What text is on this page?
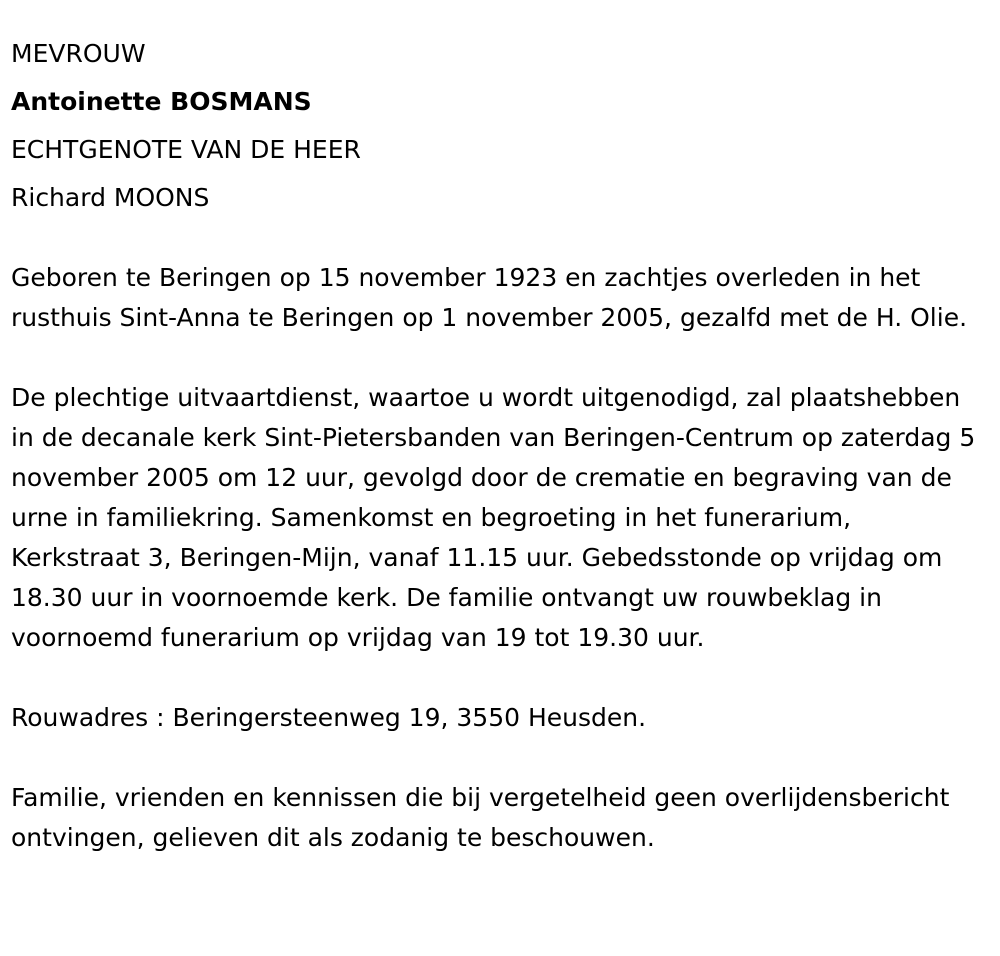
MEVROUW
Antoinette BOSMANS
ECHTGENOTE VAN DE HEER
Richard MOONS

Geboren te Beringen op 15 november 1923 en zachtjes overleden in het rusthuis Sint-Anna te Beringen op 1 november 2005, gezalfd met de H. Olie.

De plechtige uitvaartdienst, waartoe u wordt uitgenodigd, zal plaatshebben in de decanale kerk Sint-Pietersbanden van Beringen-Centrum op zaterdag 5 november 2005 om 12 uur, gevolgd door de crematie en begraving van de urne in familiekring. Samenkomst en begroeting in het funerarium, Kerkstraat 3, Beringen-Mijn, vanaf 11.15 uur. Gebedsstonde op vrijdag om 18.30 uur in voornoemde kerk. De familie ontvangt uw rouwbeklag in voornoemd funerarium op vrijdag van 19 tot 19.30 uur.

Rouwadres : Beringersteenweg 19, 3550 Heusden.

Familie, vrienden en kennissen die bij vergetelheid geen overlijdensbericht ontvingen, gelieven dit als zodanig te beschouwen.
